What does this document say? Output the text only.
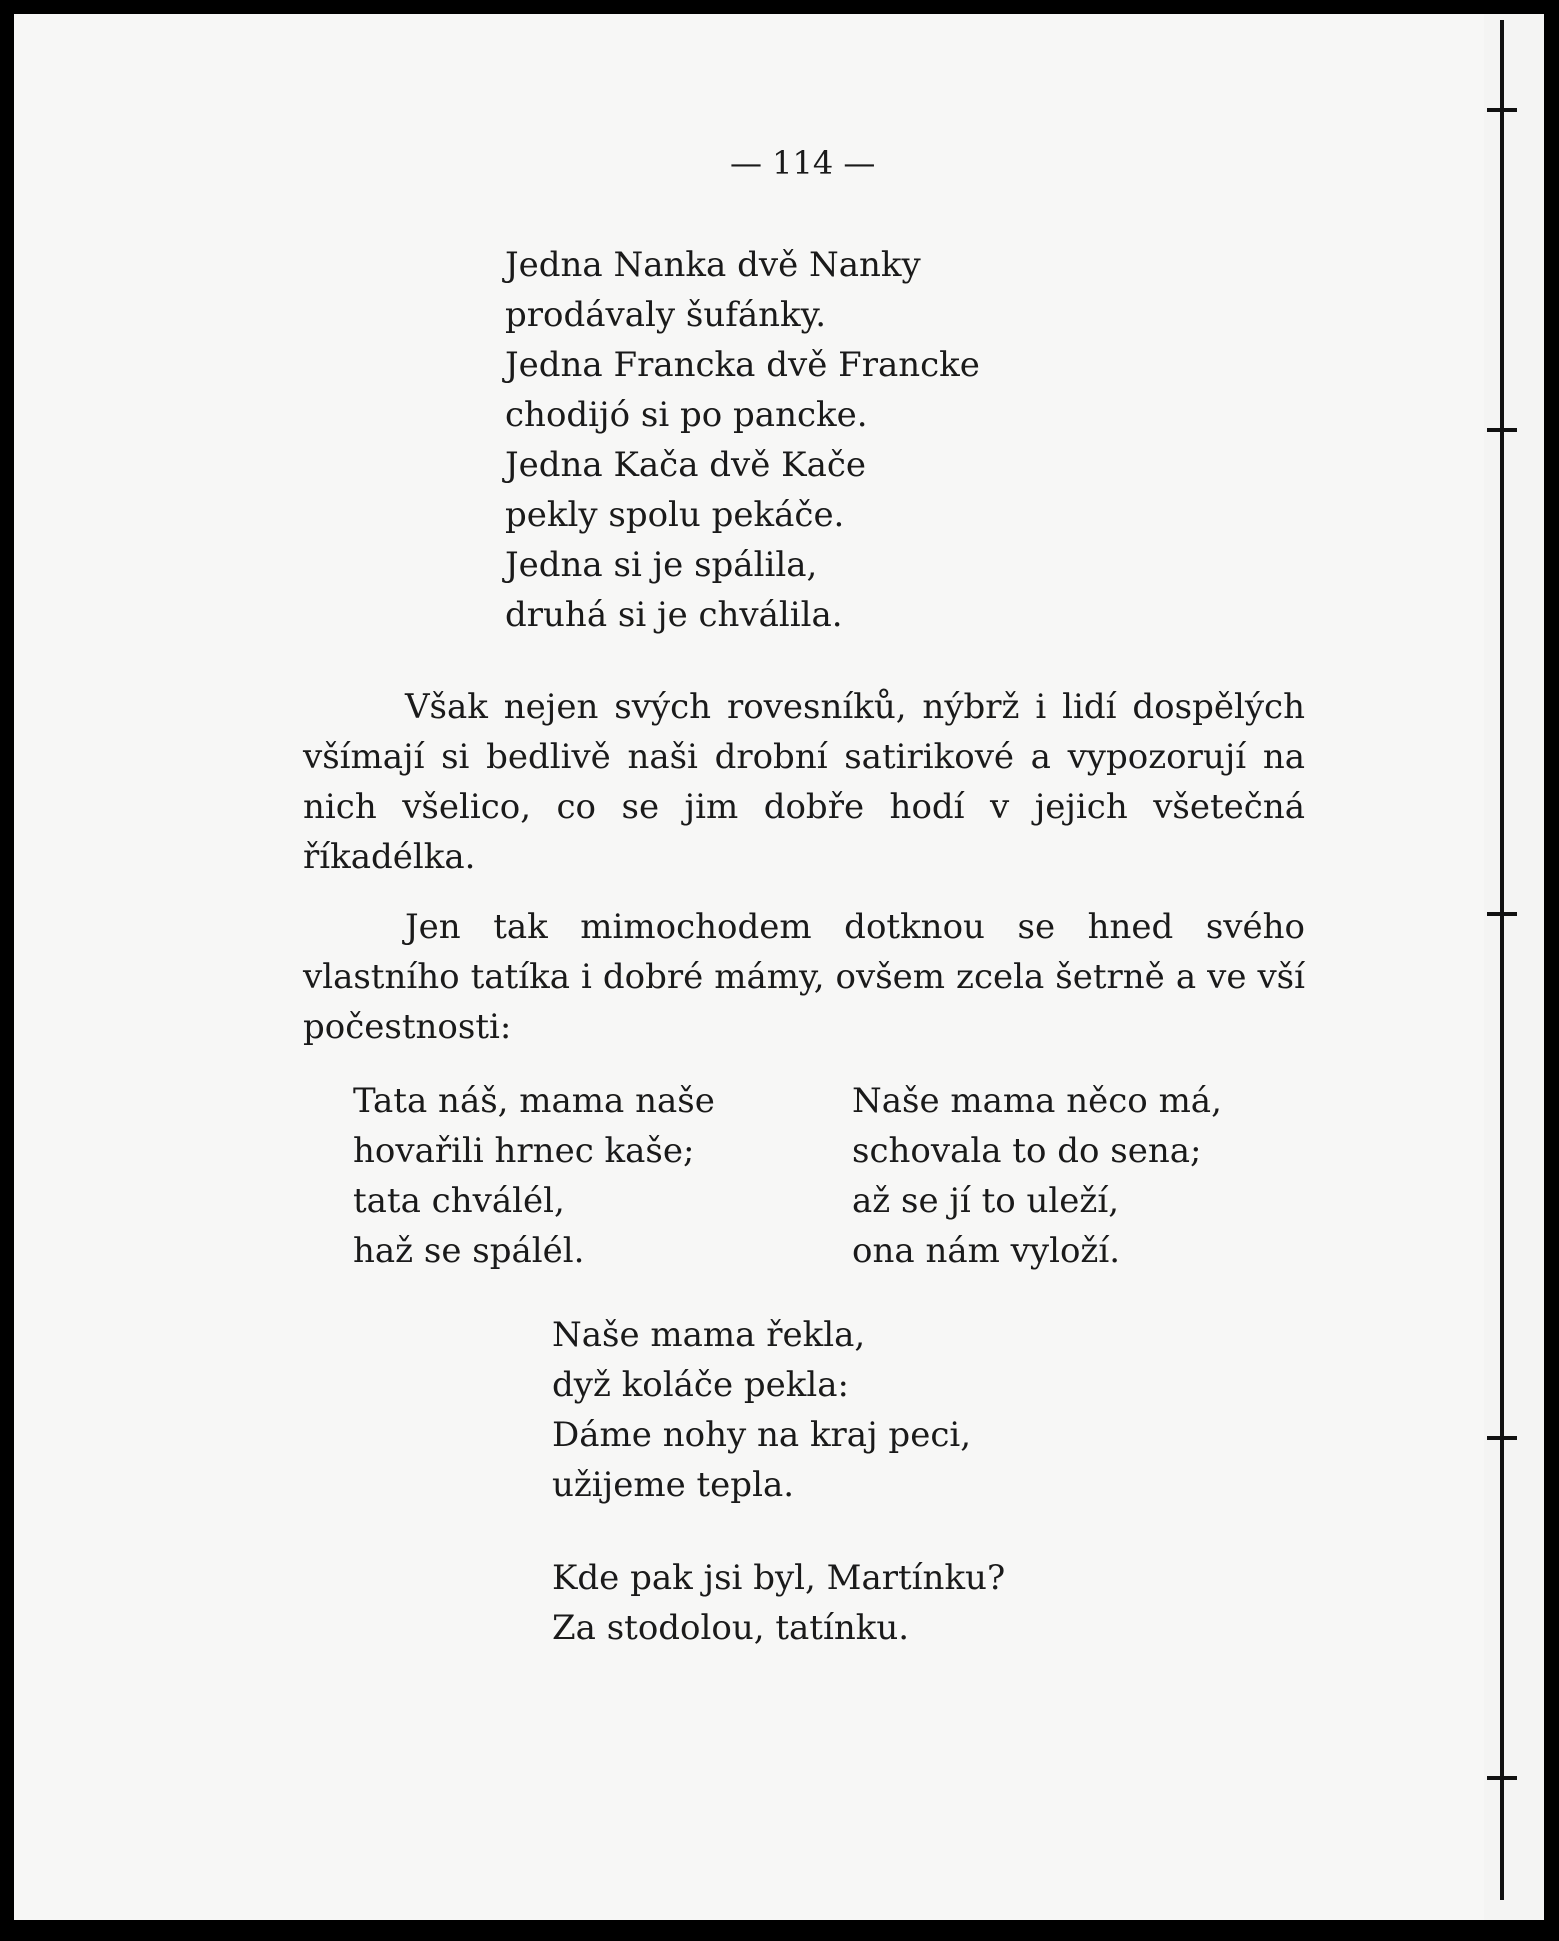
— 114 —
Jedna Nanka dvě Nanky
prodávaly šufánky.
Jedna Francka dvě Francke
chodijó si po pancke.
Jedna Kača dvě Kače
pekly spolu pekáče.
Jedna si je spálila,
druhá si je chválila.

Však nejen svých rovesníků, nýbrž i lidí dospělých všímají si bedlivě naši drobní satirikové a vypozorují na nich všelico, co se jim dobře hodí v jejich všetečná říkadélka.

Jen tak mimochodem dotknou se hned svého vlastního tatíka i dobré mámy, ovšem zcela šetrně a ve vší počestnosti:

Tata náš, mama naše
hovařili hrnec kaše;
tata chválél,
haž se spálél.
Naše mama něco má,
schovala to do sena;
až se jí to uleží,
ona nám vyloží.
Naše mama řekla,
dyž koláče pekla:
Dáme nohy na kraj peci,
užijeme tepla.
Kde pak jsi byl, Martínku?
Za stodolou, tatínku.
